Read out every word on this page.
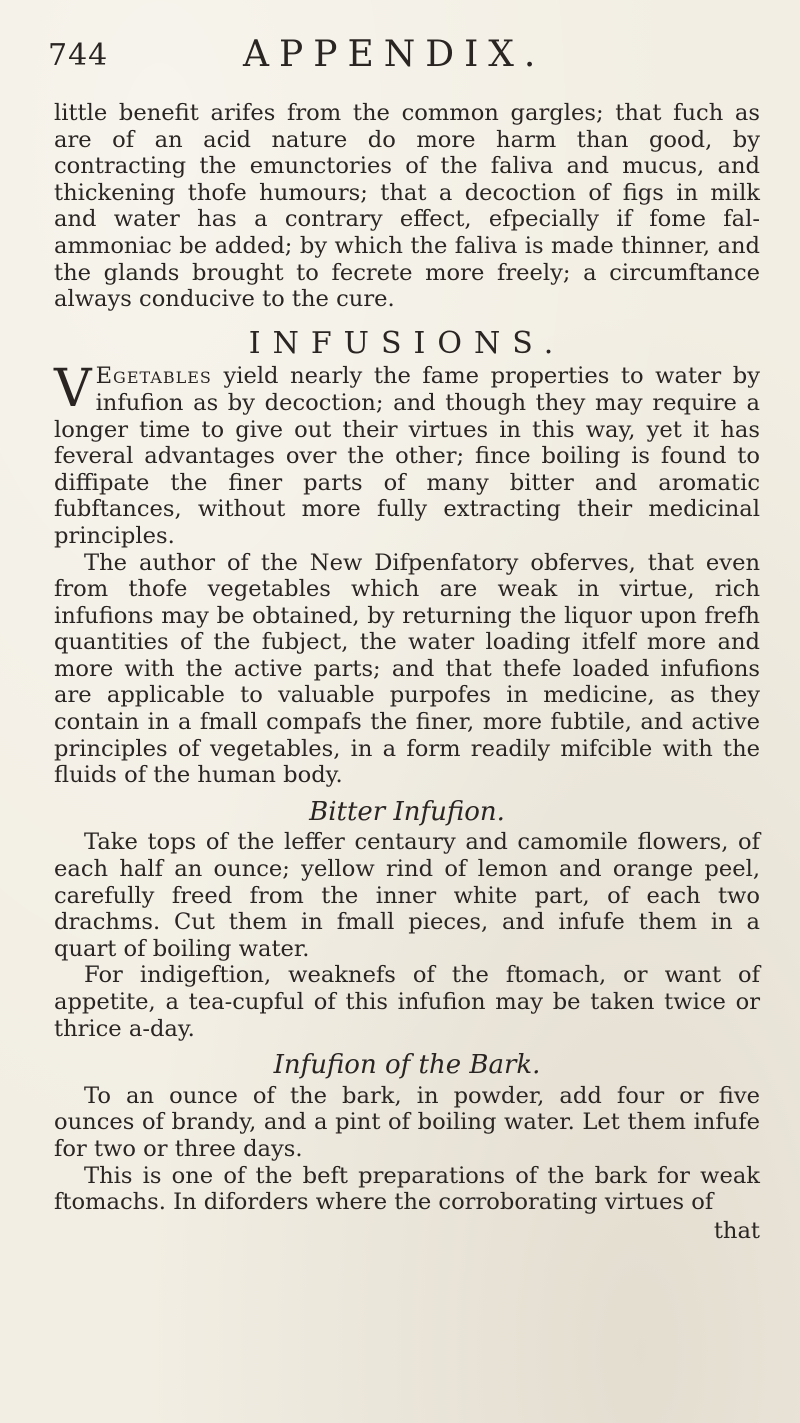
744	APPENDIX.

little benefit arifes from the common gargles; that fuch as are of an acid nature do more harm than good, by contracting the emunctories of the faliva and mucus, and thickening thofe humours; that a decoction of figs in milk and water has a contrary effect, efpecially if fome fal-ammoniac be added; by which the faliva is made thinner, and the glands brought to fecrete more freely; a circumftance always conducive to the cure.

INFUSIONS.

V Egetables yield nearly the fame properties to water by infufion as by decoction; and though they may require a longer time to give out their virtues in this way, yet it has feveral advantages over the other; fince boiling is found to diffipate the finer parts of many bitter and aromatic fubftances, without more fully extracting their medicinal principles.

The author of the New Difpenfatory obferves, that even from thofe vegetables which are weak in virtue, rich infufions may be obtained, by returning the liquor upon frefh quantities of the fubject, the water loading itfelf more and more with the active parts; and that thefe loaded infufions are applicable to valuable purpofes in medicine, as they contain in a fmall compafs the finer, more fubtile, and active principles of vegetables, in a form readily mifcible with the fluids of the human body.

Bitter Infufion.

Take tops of the leffer centaury and camomile flowers, of each half an ounce; yellow rind of lemon and orange peel, carefully freed from the inner white part, of each two drachms. Cut them in fmall pieces, and infufe them in a quart of boiling water.

For indigeftion, weaknefs of the ftomach, or want of appetite, a tea-cupful of this infufion may be taken twice or thrice a-day.

Infufion of the Bark.

To an ounce of the bark, in powder, add four or five ounces of brandy, and a pint of boiling water. Let them infufe for two or three days.

This is one of the beft preparations of the bark for weak ftomachs. In diforders where the corroborating virtues of

that
